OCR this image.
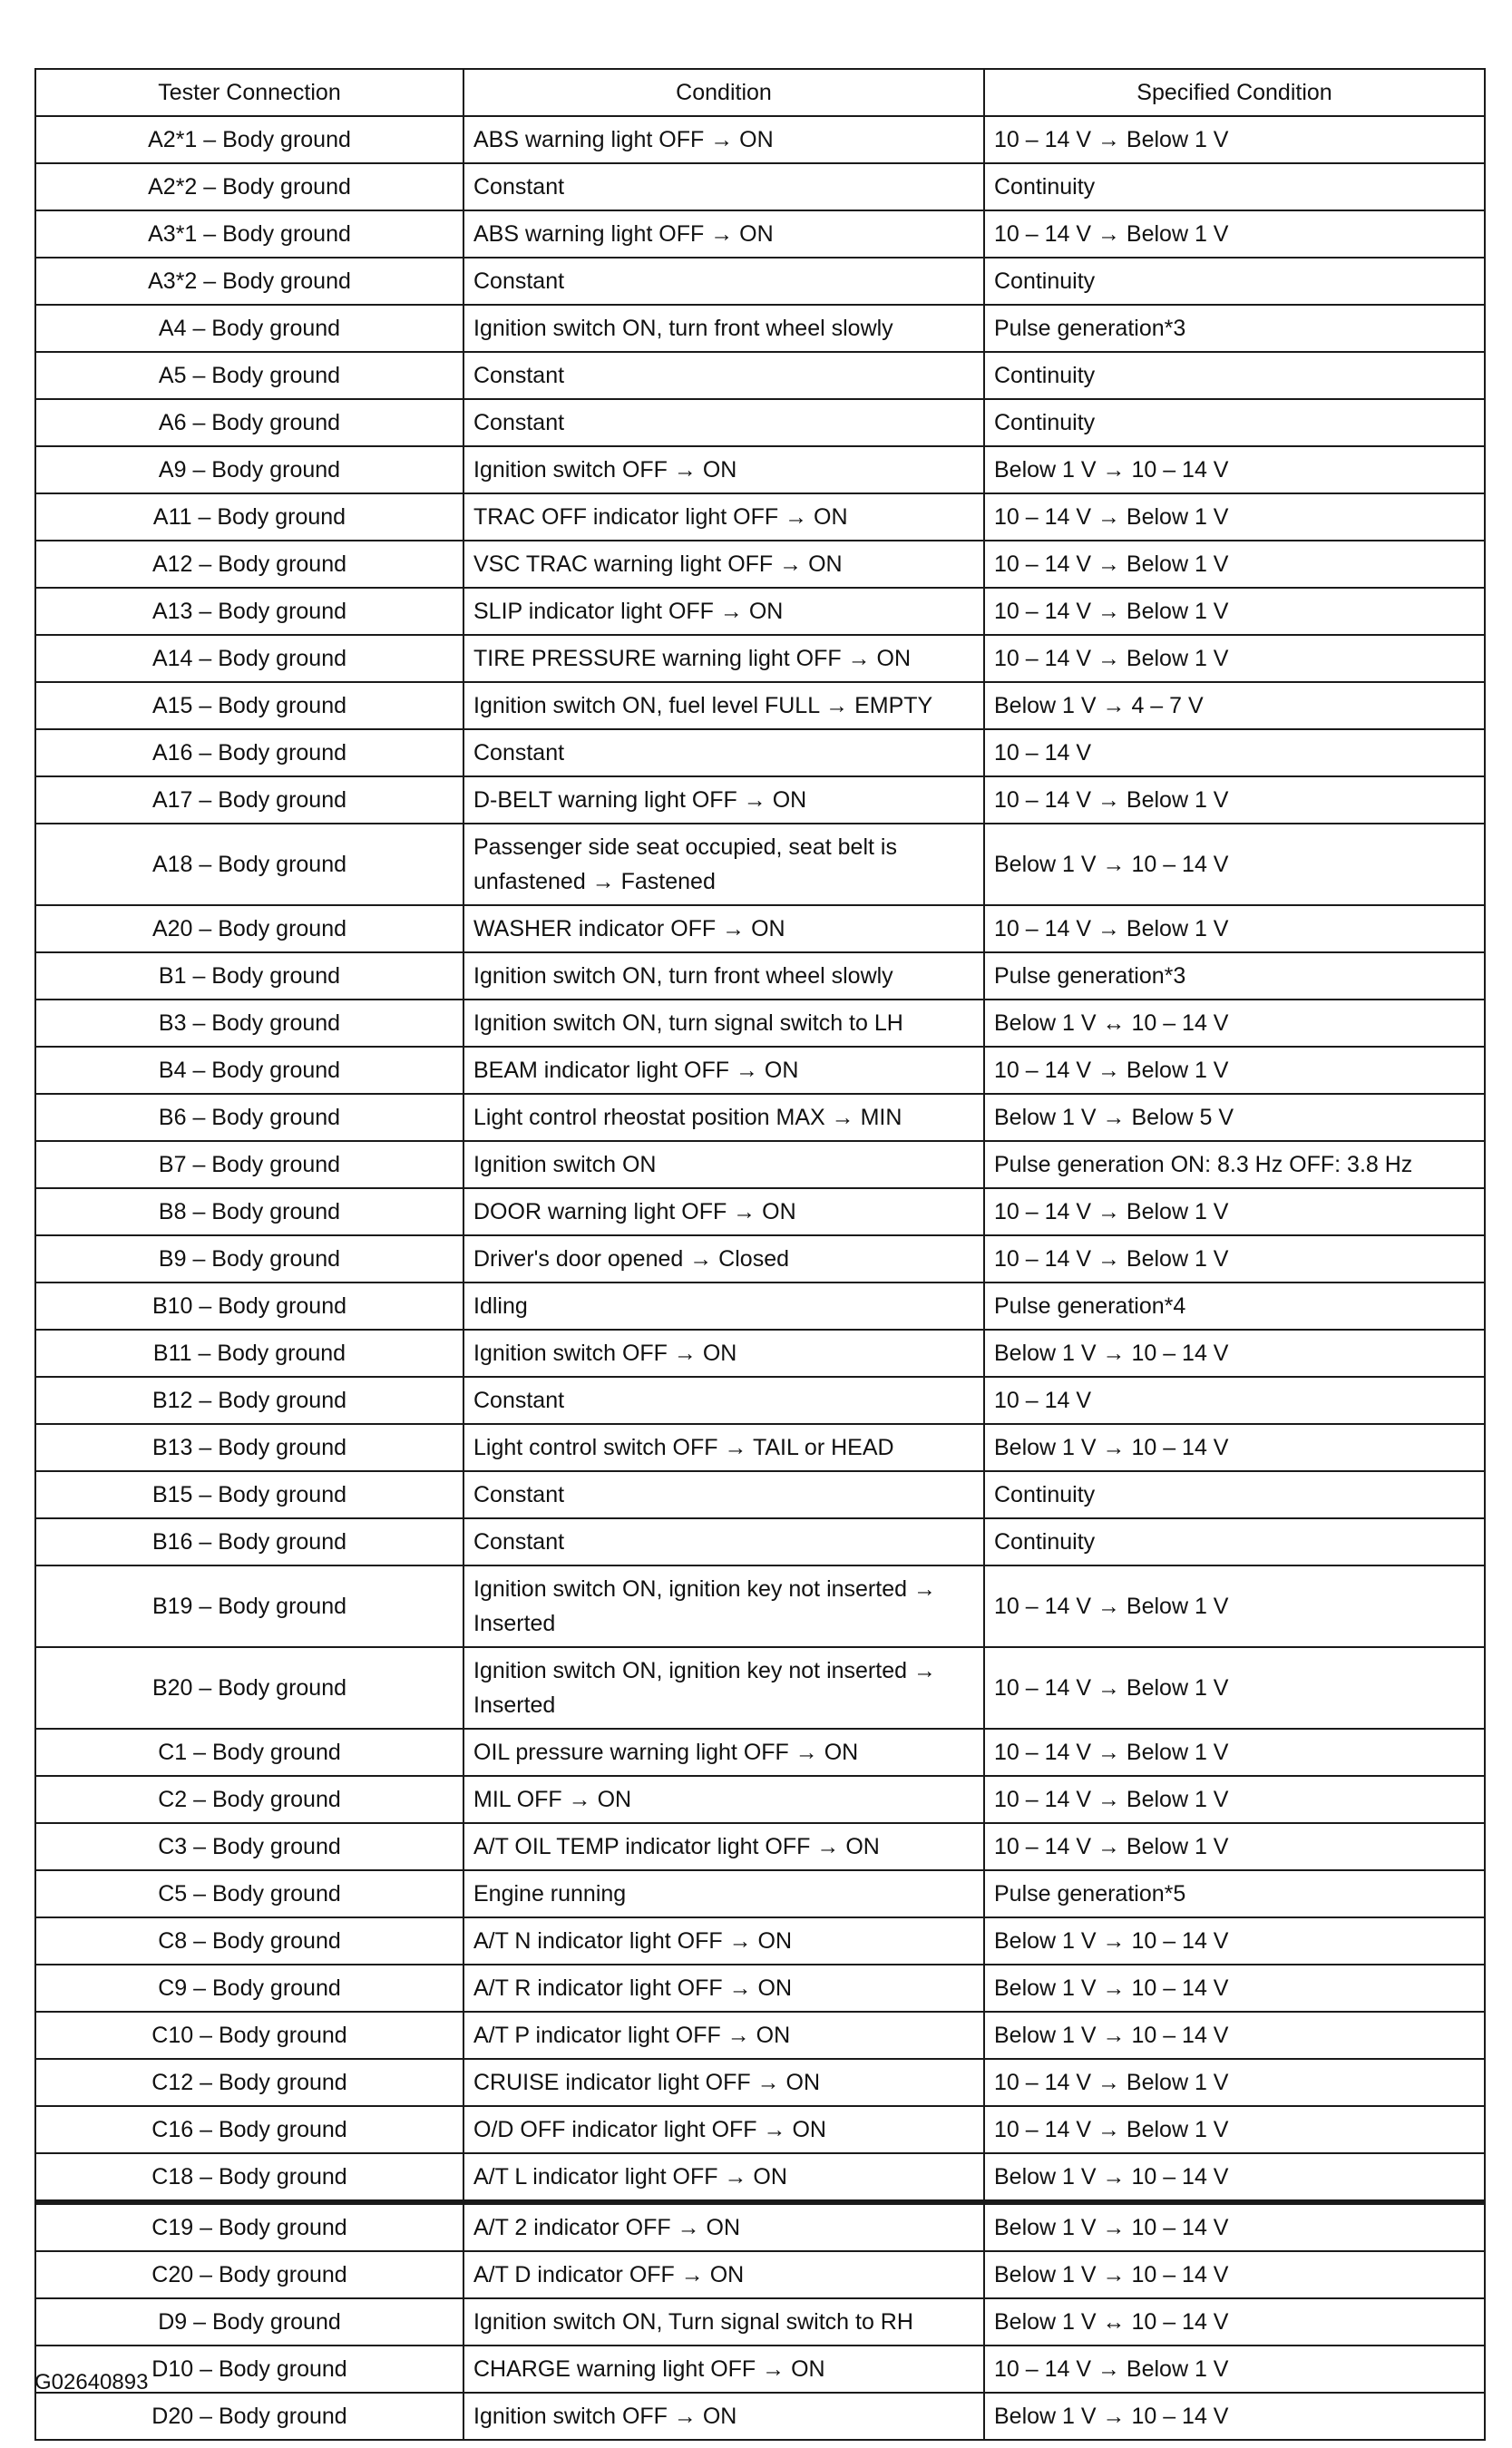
Tester Connection	Condition	Specified Condition
A2*1 – Body ground	ABS warning light OFF → ON	10 – 14 V → Below 1 V
A2*2 – Body ground	Constant	Continuity
A3*1 – Body ground	ABS warning light OFF → ON	10 – 14 V → Below 1 V
A3*2 – Body ground	Constant	Continuity
A4 – Body ground	Ignition switch ON, turn front wheel slowly	Pulse generation*3
A5 – Body ground	Constant	Continuity
A6 – Body ground	Constant	Continuity
A9 – Body ground	Ignition switch OFF → ON	Below 1 V → 10 – 14 V
A11 – Body ground	TRAC OFF indicator light OFF → ON	10 – 14 V → Below 1 V
A12 – Body ground	VSC TRAC warning light OFF → ON	10 – 14 V → Below 1 V
A13 – Body ground	SLIP indicator light OFF → ON	10 – 14 V → Below 1 V
A14 – Body ground	TIRE PRESSURE warning light OFF → ON	10 – 14 V → Below 1 V
A15 – Body ground	Ignition switch ON, fuel level FULL → EMPTY	Below 1 V → 4 – 7 V
A16 – Body ground	Constant	10 – 14 V
A17 – Body ground	D-BELT warning light OFF → ON	10 – 14 V → Below 1 V
A18 – Body ground	Passenger side seat occupied, seat belt is unfastened → Fastened	Below 1 V → 10 – 14 V
A20 – Body ground	WASHER indicator OFF → ON	10 – 14 V → Below 1 V
B1 – Body ground	Ignition switch ON, turn front wheel slowly	Pulse generation*3
B3 – Body ground	Ignition switch ON, turn signal switch to LH	Below 1 V ↔ 10 – 14 V
B4 – Body ground	BEAM indicator light OFF → ON	10 – 14 V → Below 1 V
B6 – Body ground	Light control rheostat position MAX → MIN	Below 1 V → Below 5 V
B7 – Body ground	Ignition switch ON	Pulse generation ON: 8.3 Hz OFF: 3.8 Hz
B8 – Body ground	DOOR warning light OFF → ON	10 – 14 V → Below 1 V
B9 – Body ground	Driver's door opened → Closed	10 – 14 V → Below 1 V
B10 – Body ground	Idling	Pulse generation*4
B11 – Body ground	Ignition switch OFF → ON	Below 1 V → 10 – 14 V
B12 – Body ground	Constant	10 – 14 V
B13 – Body ground	Light control switch OFF → TAIL or HEAD	Below 1 V → 10 – 14 V
B15 – Body ground	Constant	Continuity
B16 – Body ground	Constant	Continuity
B19 – Body ground	Ignition switch ON, ignition key not inserted → Inserted	10 – 14 V → Below 1 V
B20 – Body ground	Ignition switch ON, ignition key not inserted → Inserted	10 – 14 V → Below 1 V
C1 – Body ground	OIL pressure warning light OFF → ON	10 – 14 V → Below 1 V
C2 – Body ground	MIL OFF → ON	10 – 14 V → Below 1 V
C3 – Body ground	A/T OIL TEMP indicator light OFF → ON	10 – 14 V → Below 1 V
C5 – Body ground	Engine running	Pulse generation*5
C8 – Body ground	A/T N indicator light OFF → ON	Below 1 V → 10 – 14 V
C9 – Body ground	A/T R indicator light OFF → ON	Below 1 V → 10 – 14 V
C10 – Body ground	A/T P indicator light OFF → ON	Below 1 V → 10 – 14 V
C12 – Body ground	CRUISE indicator light OFF → ON	10 – 14 V → Below 1 V
C16 – Body ground	O/D OFF indicator light OFF → ON	10 – 14 V → Below 1 V
C18 – Body ground	A/T L indicator light OFF → ON	Below 1 V → 10 – 14 V
C19 – Body ground	A/T 2 indicator OFF → ON	Below 1 V → 10 – 14 V
C20 – Body ground	A/T D indicator OFF → ON	Below 1 V → 10 – 14 V
D9 – Body ground	Ignition switch ON, Turn signal switch to RH	Below 1 V ↔ 10 – 14 V
D10 – Body ground	CHARGE warning light OFF → ON	10 – 14 V → Below 1 V
D20 – Body ground	Ignition switch OFF → ON	Below 1 V → 10 – 14 V
G02640893
